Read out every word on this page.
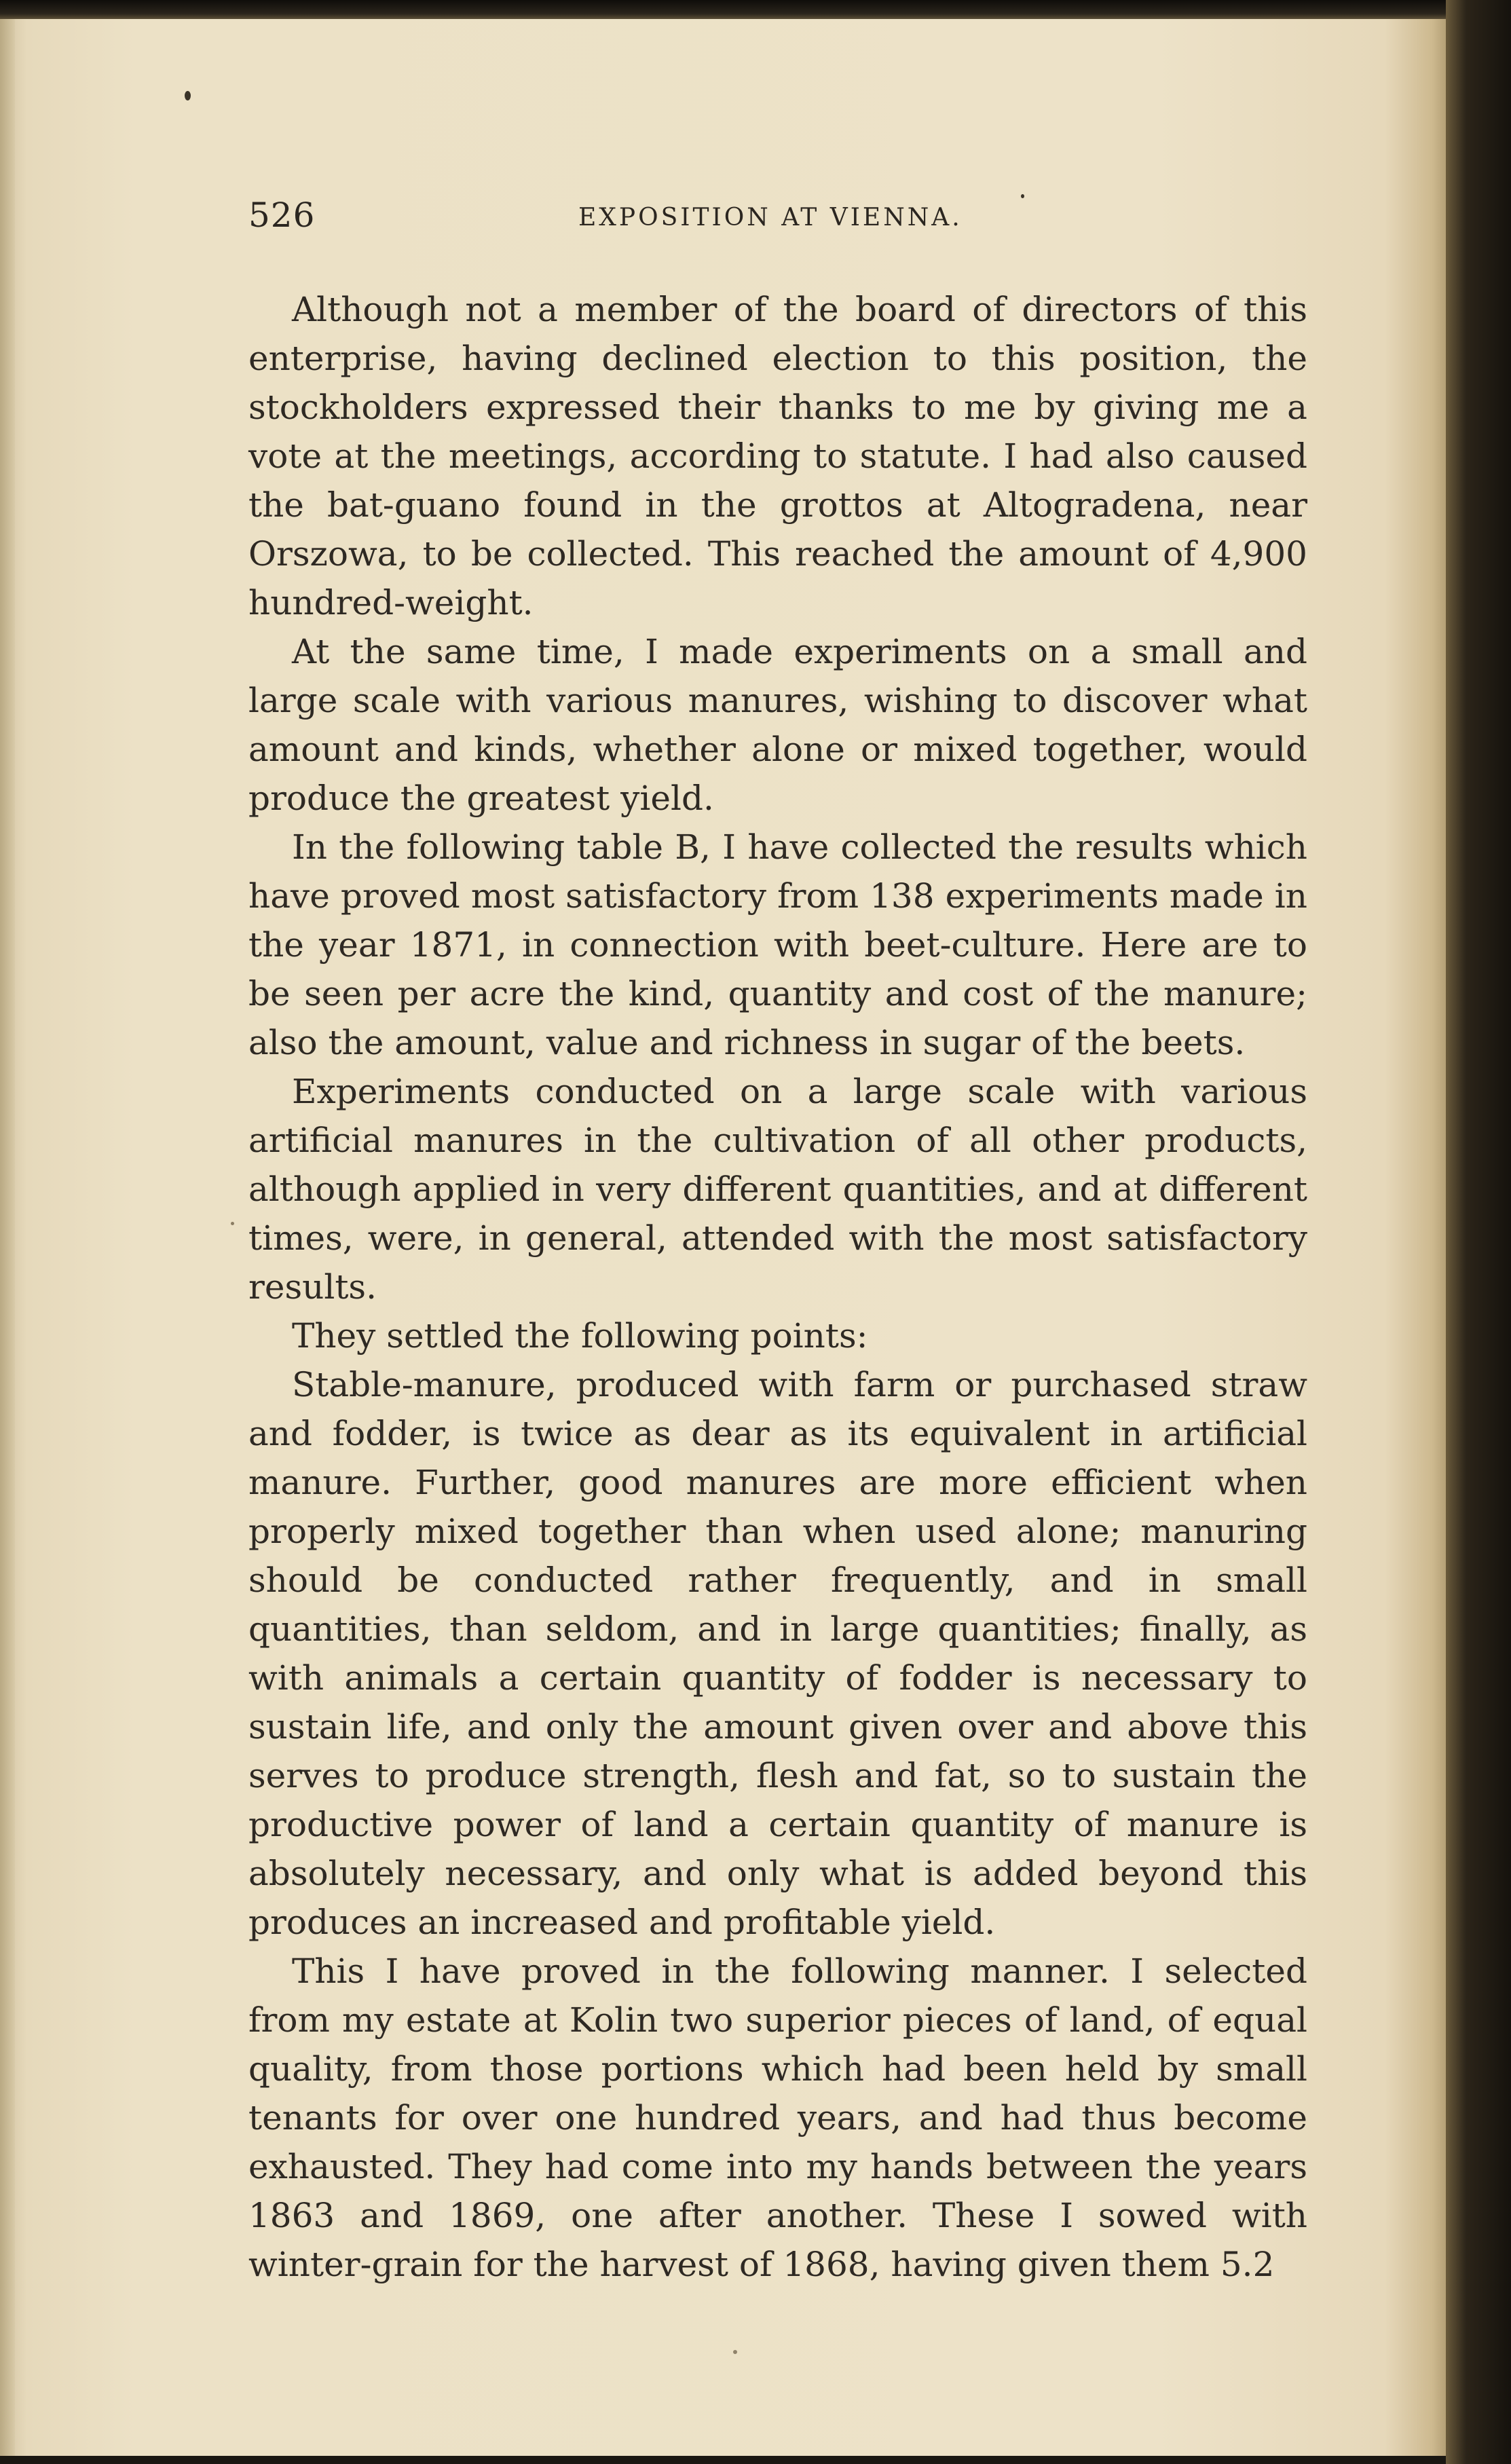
526	EXPOSITION AT VIENNA.

Although not a member of the board of directors of this enterprise, having declined election to this position, the stockholders expressed their thanks to me by giving me a vote at the meetings, according to statute. I had also caused the bat-guano found in the grottos at Altogradena, near Orszowa, to be collected. This reached the amount of 4,900 hundred-weight.

At the same time, I made experiments on a small and large scale with various manures, wishing to discover what amount and kinds, whether alone or mixed together, would produce the greatest yield.

In the following table B, I have collected the results which have proved most satisfactory from 138 experiments made in the year 1871, in connection with beet-culture. Here are to be seen per acre the kind, quantity and cost of the manure; also the amount, value and richness in sugar of the beets.

Experiments conducted on a large scale with various artificial manures in the cultivation of all other products, although applied in very different quantities, and at different times, were, in general, attended with the most satisfactory results.

They settled the following points:

Stable-manure, produced with farm or purchased straw and fodder, is twice as dear as its equivalent in artificial manure. Further, good manures are more efficient when properly mixed together than when used alone; manuring should be conducted rather frequently, and in small quantities, than seldom, and in large quantities; finally, as with animals a certain quantity of fodder is necessary to sustain life, and only the amount given over and above this serves to produce strength, flesh and fat, so to sustain the productive power of land a certain quantity of manure is absolutely necessary, and only what is added beyond this produces an increased and profitable yield.

This I have proved in the following manner. I selected from my estate at Kolin two superior pieces of land, of equal quality, from those portions which had been held by small tenants for over one hundred years, and had thus become exhausted. They had come into my hands between the years 1863 and 1869, one after another. These I sowed with winter-grain for the harvest of 1868, having given them 5.2
